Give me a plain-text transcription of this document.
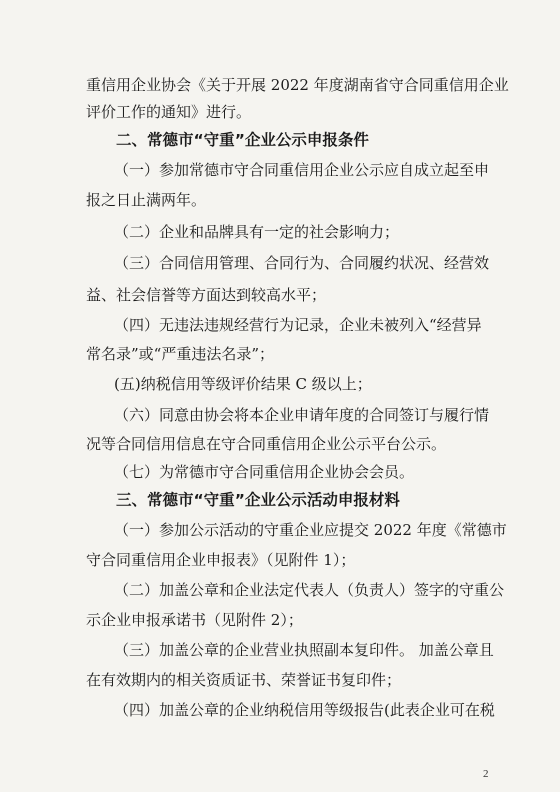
重信用企业协会《关于开展 2022 年度湖南省守合同重信用企业
评价工作的通知》进行。
二、常德市“守重”企业公示申报条件
（一）参加常德市守合同重信用企业公示应自成立起至申
报之日止满两年。
（二）企业和品牌具有一定的社会影响力；
（三）合同信用管理、合同行为、合同履约状况、经营效
益、社会信誉等方面达到较高水平；
（四）无违法违规经营行为记录，企业未被列入“经营异
常名录”或“严重违法名录”；
(五)纳税信用等级评价结果 C 级以上；
（六）同意由协会将本企业申请年度的合同签订与履行情
况等合同信用信息在守合同重信用企业公示平台公示。
（七）为常德市守合同重信用企业协会会员。
三、常德市“守重”企业公示活动申报材料
（一）参加公示活动的守重企业应提交 2022 年度《常德市
守合同重信用企业申报表》（见附件 1）；
（二）加盖公章和企业法定代表人（负责人）签字的守重公
示企业申报承诺书（见附件 2）；
（三）加盖公章的企业营业执照副本复印件。 加盖公章且
在有效期内的相关资质证书、荣誉证书复印件；
（四）加盖公章的企业纳税信用等级报告(此表企业可在税
2
